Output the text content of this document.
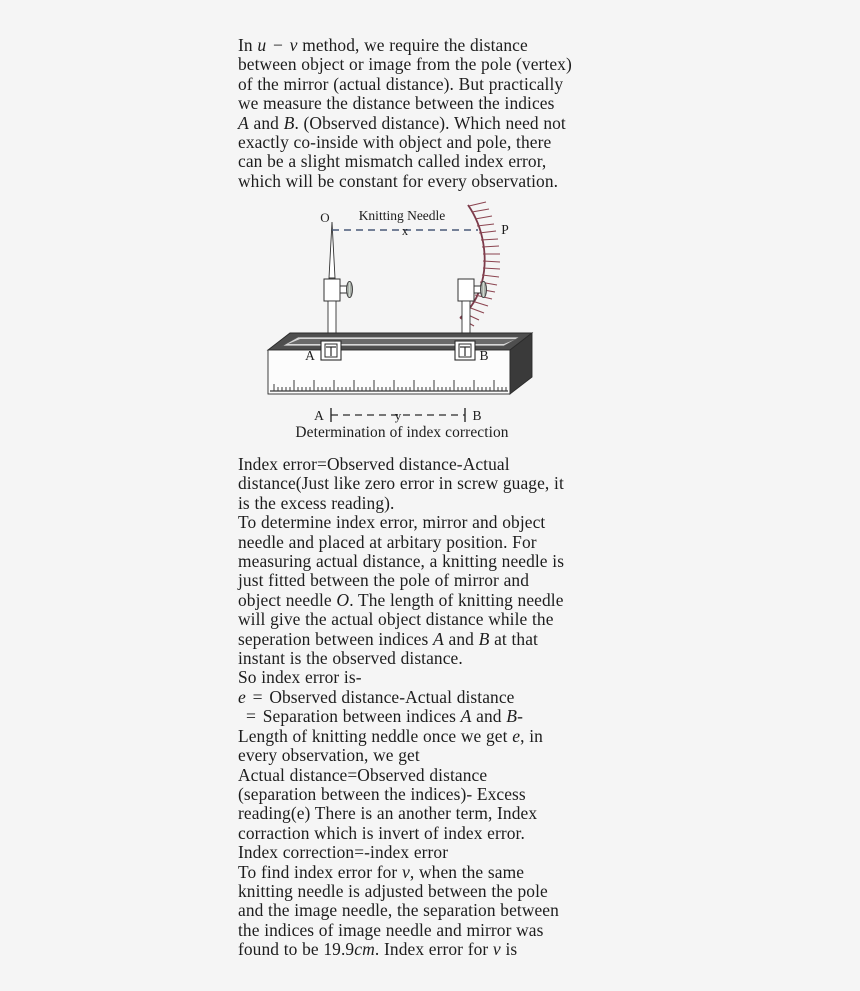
In u − v method, we require the distance
between object or image from the pole (vertex)
of the mirror (actual distance). But practically
we measure the distance between the indices
A and B. (Observed distance). Which need not
exactly co-inside with object and pole, there
can be a slight mismatch called index error,
which will be constant for every observation.
O Knitting Needle
x	P
A	B
A	B
y
Determination of index correction
Index error=Observed distance-Actual
distance(Just like zero error in screw guage, it
is the excess reading).
To determine index error, mirror and object
needle and placed at arbitary position. For
measuring actual distance, a knitting needle is
just fitted between the pole of mirror and
object needle O. The length of knitting needle
will give the actual object distance while the
seperation between indices A and B at that
instant is the observed distance.
So index error is-
e = Observed distance-Actual distance
= Separation between indices A and B-
Length of knitting neddle once we get e, in
every observation, we get
Actual distance=Observed distance
(separation between the indices)- Excess
reading(e) There is an another term, Index
corraction which is invert of index error.
Index correction=-index error
To find index error for v, when the same
knitting needle is adjusted between the pole
and the image needle, the separation between
the indices of image needle and mirror was
found to be 19.9cm. Index error for v is
